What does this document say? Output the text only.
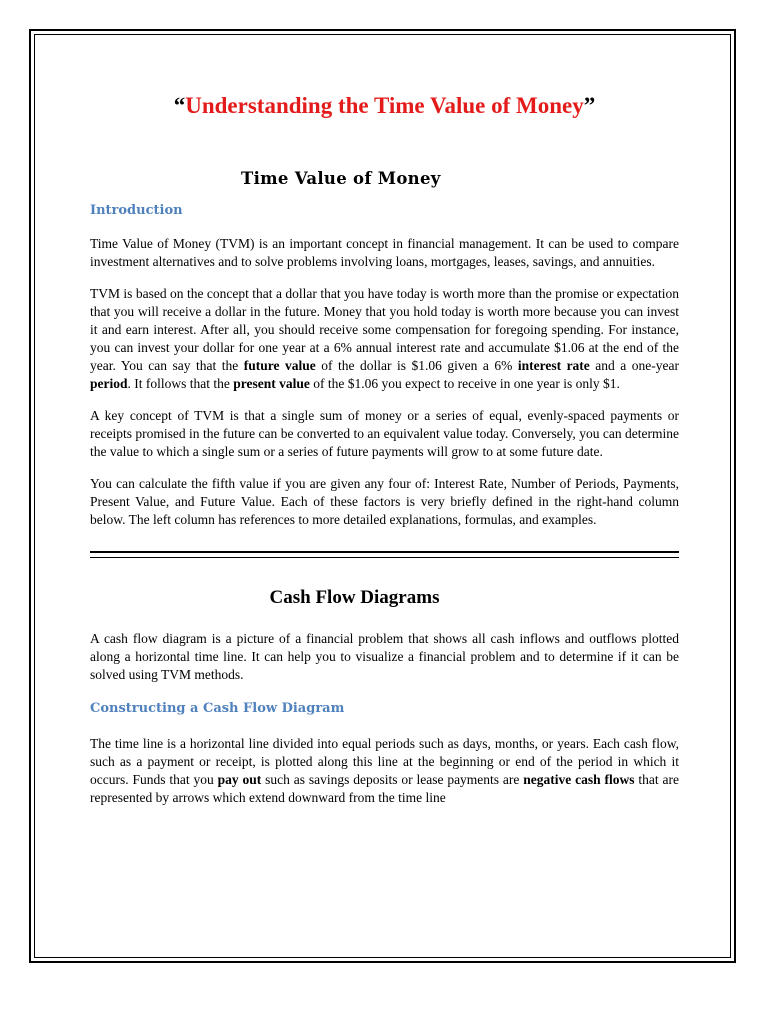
“Understanding the Time Value of Money”
Time Value of Money
Introduction

Time Value of Money (TVM) is an important concept in financial management. It can be used to compare investment alternatives and to solve problems involving loans, mortgages, leases, savings, and annuities.

TVM is based on the concept that a dollar that you have today is worth more than the promise or expectation that you will receive a dollar in the future. Money that you hold today is worth more because you can invest it and earn interest. After all, you should receive some compensation for foregoing spending. For instance, you can invest your dollar for one year at a 6% annual interest rate and accumulate $1.06 at the end of the year. You can say that the future value of the dollar is $1.06 given a 6% interest rate and a one-year period. It follows that the present value of the $1.06 you expect to receive in one year is only $1.

A key concept of TVM is that a single sum of money or a series of equal, evenly-spaced payments or receipts promised in the future can be converted to an equivalent value today. Conversely, you can determine the value to which a single sum or a series of future payments will grow to at some future date.

You can calculate the fifth value if you are given any four of: Interest Rate, Number of Periods, Payments, Present Value, and Future Value. Each of these factors is very briefly defined in the right-hand column below. The left column has references to more detailed explanations, formulas, and examples.

Cash Flow Diagrams

A cash flow diagram is a picture of a financial problem that shows all cash inflows and outflows plotted along a horizontal time line. It can help you to visualize a financial problem and to determine if it can be solved using TVM methods.

Constructing a Cash Flow Diagram

The time line is a horizontal line divided into equal periods such as days, months, or years. Each cash flow, such as a payment or receipt, is plotted along this line at the beginning or end of the period in which it occurs. Funds that you pay out such as savings deposits or lease payments are negative cash flows that are represented by arrows which extend downward from the time line
